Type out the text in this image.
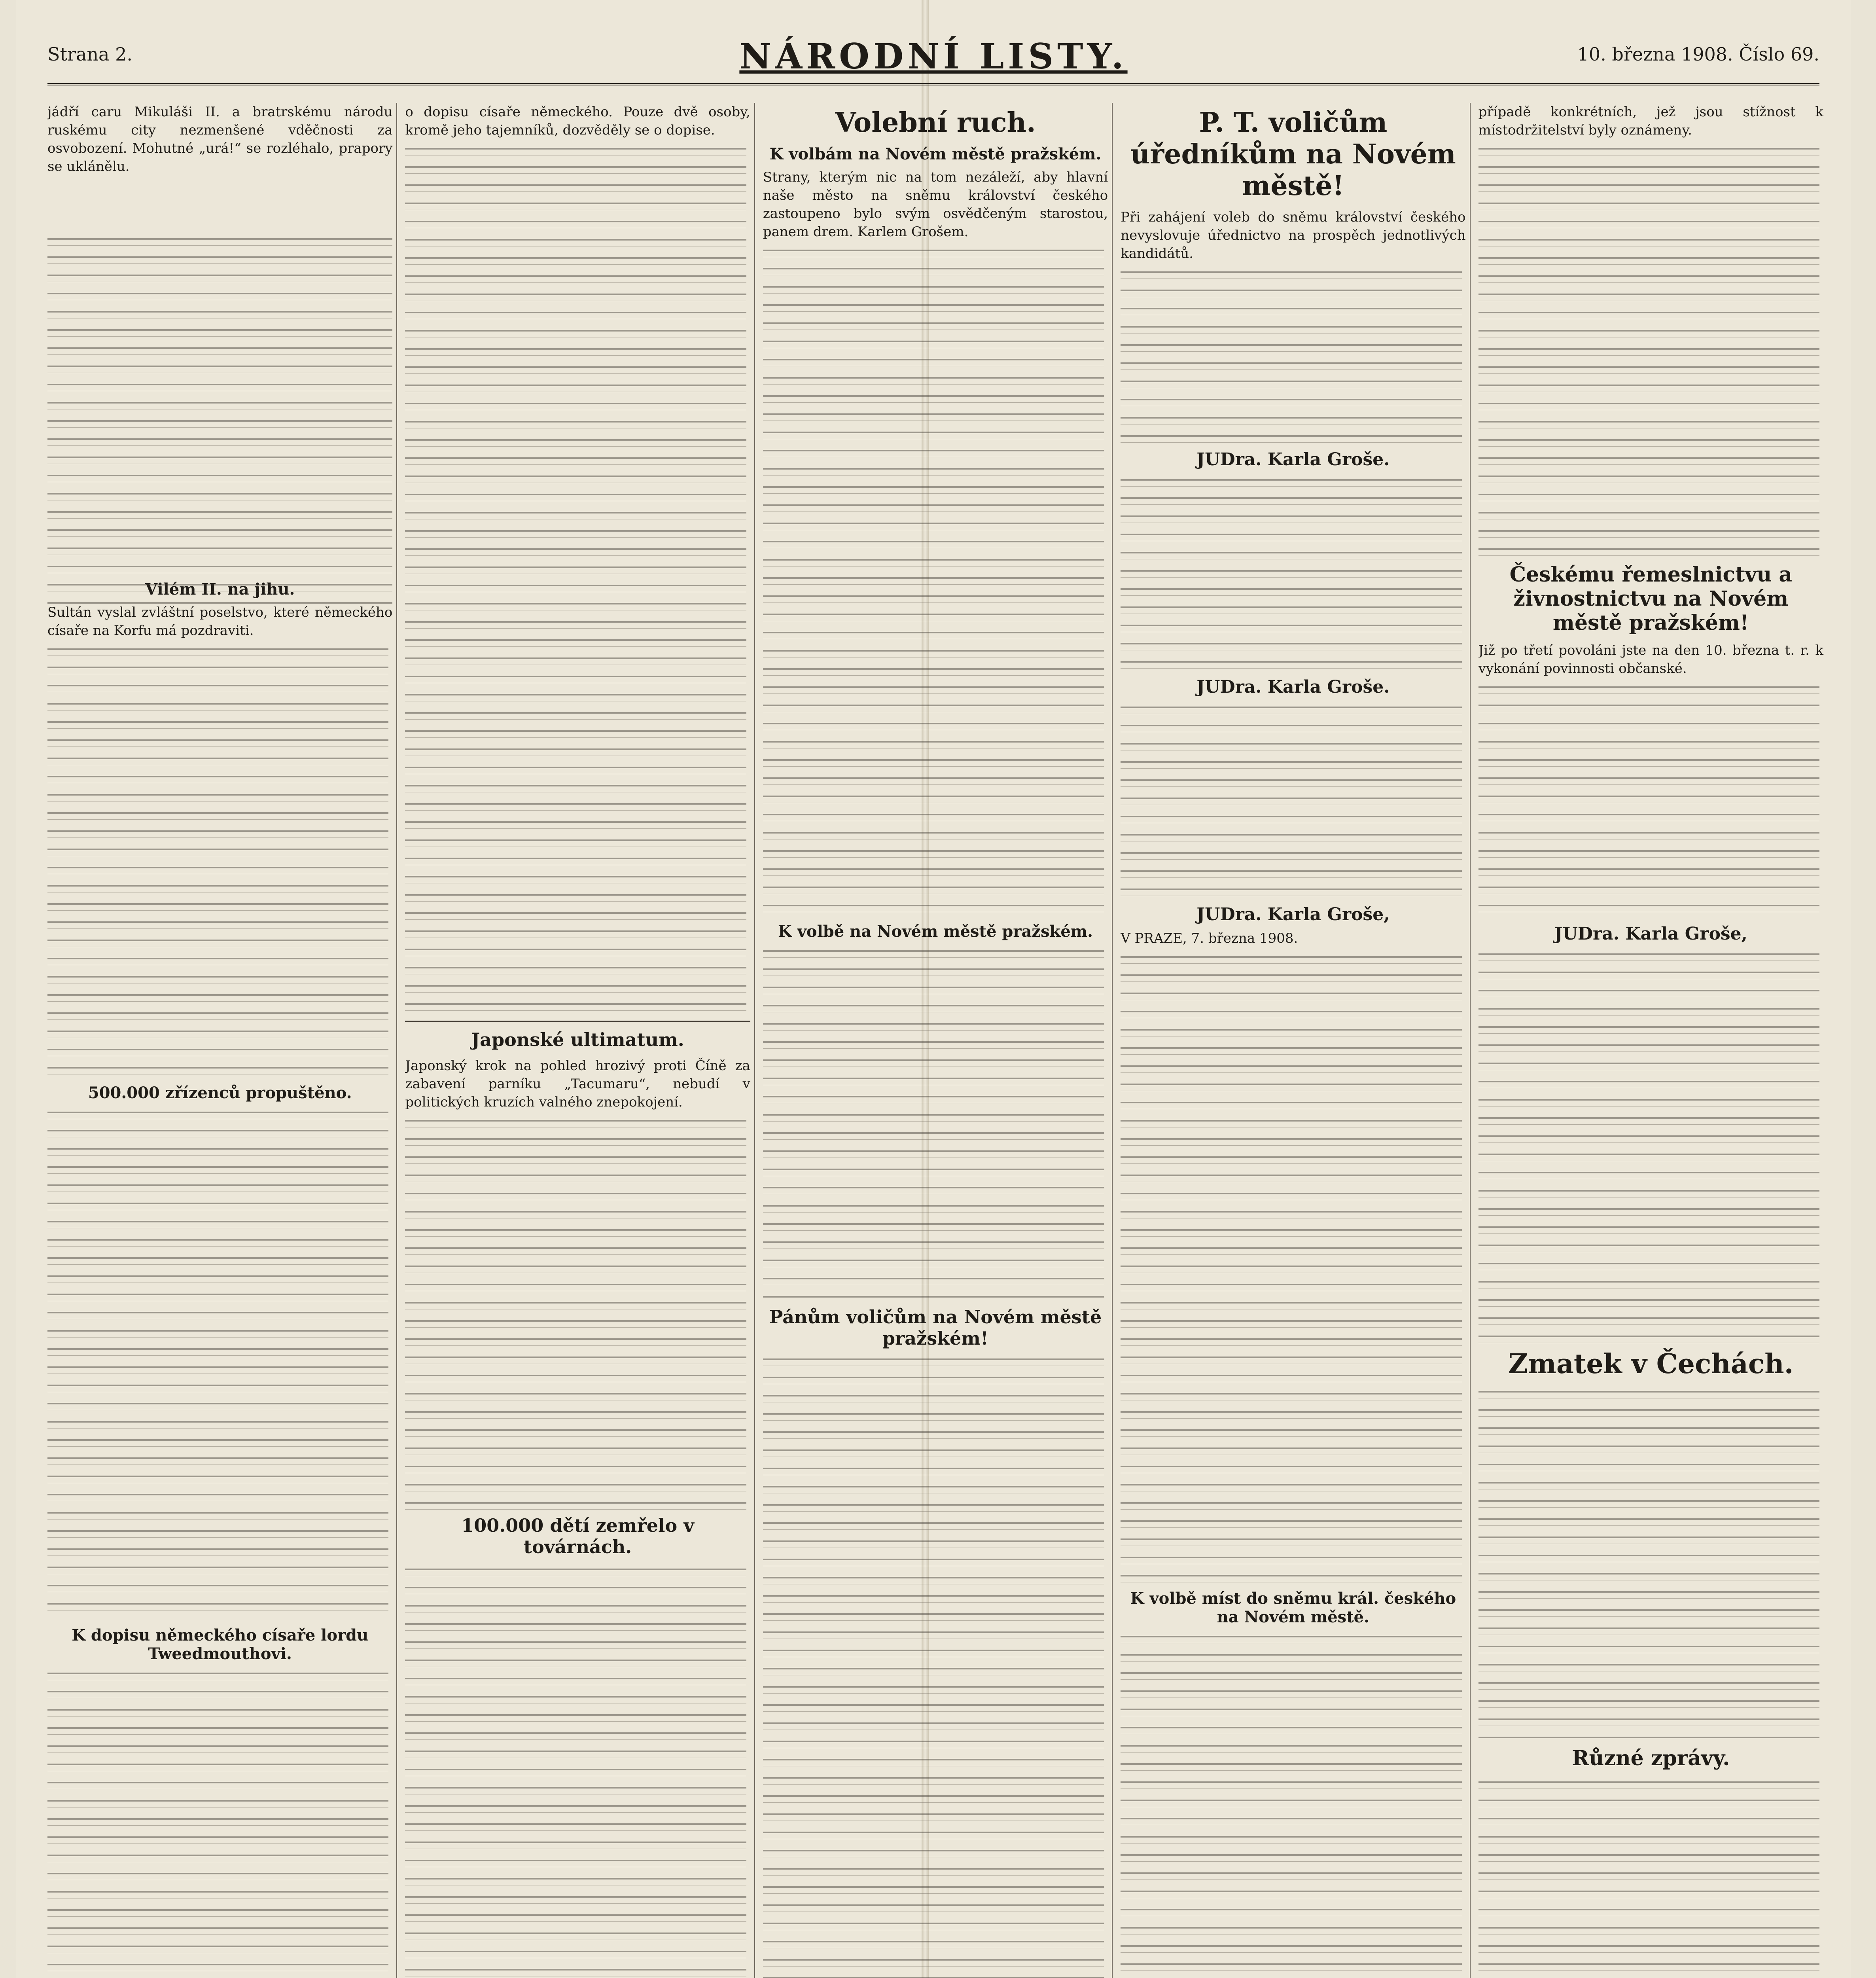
Strana 2.	NÁRODNÍ LISTY.	10. března 1908. Číslo 69.

jádří caru Mikuláši II. a bratrskému národu ruskému city nezmenšené vděčnosti za osvobození. Mohutné „urá!“ se rozléhalo, prapory se uklánělu.

Vilém II. na jihu.

Sultán vyslal zvláštní poselstvo, které německého císaře na Korfu má pozdraviti.

500.000 zřízenců propuštěno.
K dopisu německého císaře lordu Tweedmouthovi.

o dopisu císaře německého. Pouze dvě osoby, kromě jeho tajemníků, dozvěděly se o dopise.

Japonské ultimatum.

Japonský krok na pohled hrozivý proti Číně za zabavení parníku „Tacumaru“, nebudí v politických kruzích valného znepokojení.

100.000 dětí zemřelo v továrnách.
Volební ruch.
K volbám na Novém městě pražském.

Strany, kterým nic na tom nezáleží, aby hlavní naše město na sněmu království českého zastoupeno bylo svým osvědčeným starostou, panem drem. Karlem Grošem.

K volbě na Novém městě pražském.
Pánům voličům na Novém městě pražském!
P. T. voličům úředníkům na Novém městě!

Při zahájení voleb do sněmu království českého nevyslovuje úřednictvo na prospěch jednotlivých kandidátů.

JUDra. Karla Groše.
JUDra. Karla Groše.
JUDra. Karla Groše,

V PRAZE, 7. března 1908.

K volbě míst do sněmu král. českého na Novém městě.

případě konkrétních, jež jsou stížnost k místodržitelství byly oznámeny.

Českému řemeslnictvu a živnostnictvu na Novém městě pražském!

Již po třetí povoláni jste na den 10. března t. r. k vykonání povinnosti občanské.

JUDra. Karla Groše,
Zmatek v Čechách.
Různé zprávy.
